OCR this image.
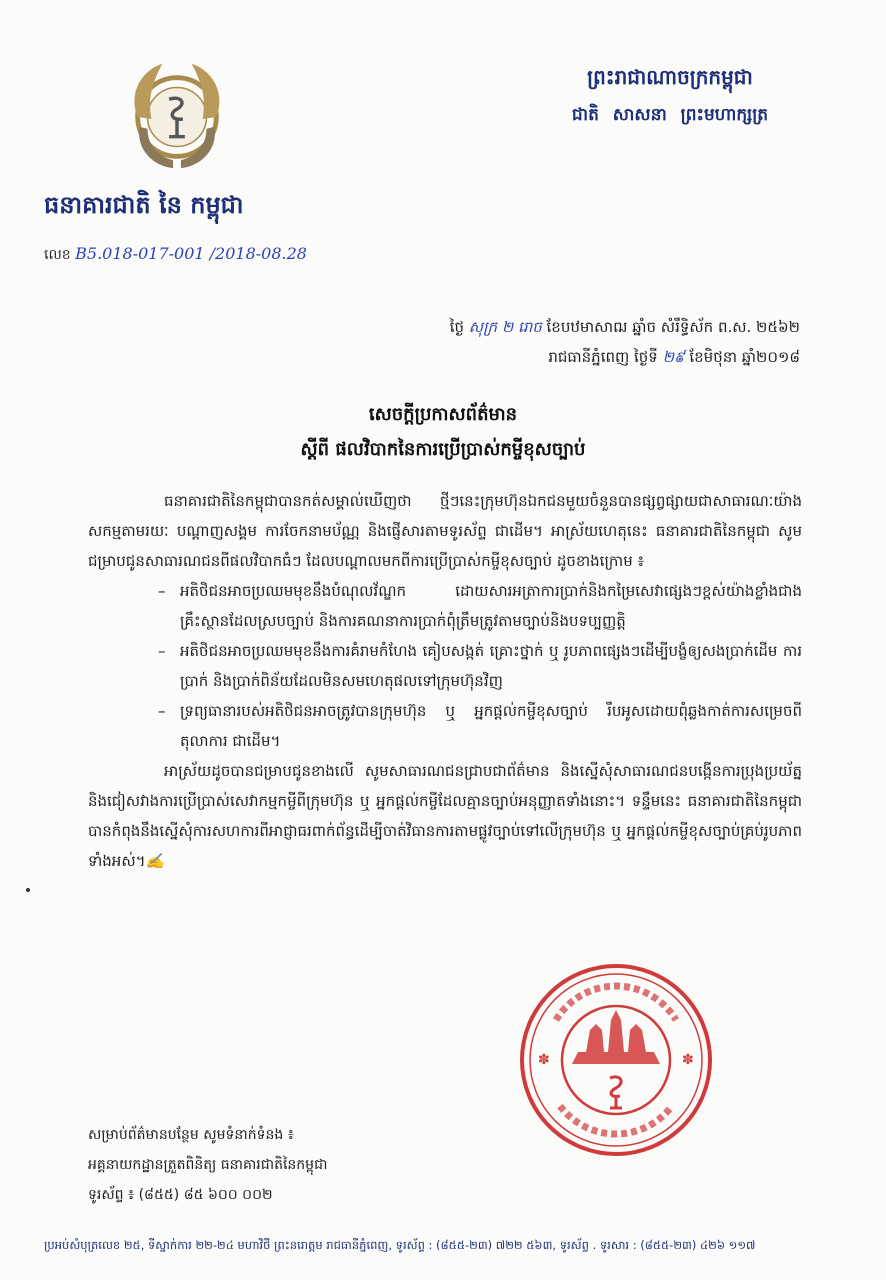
ធនាគារជាតិ នៃ កម្ពុជា
លេខ B5.018-017-001 /2018-08.28
ព្រះរាជាណាចក្រកម្ពុជា
ជាតិ សាសនា ព្រះមហាក្សត្រ
ថ្ងៃ សុក្រ ២ រោច ខែបឋមាសាឍ ឆ្នាំច សំរឹទ្ធិស័ក ព.ស. ២៥៦២
រាជធានីភ្នំពេញ ថ្ងៃទី ២៩ ខែមិថុនា ឆ្នាំ២០១៨
សេចក្តីប្រកាសព័ត៌មាន
ស្តីពី ផលវិបាកនៃការប្រើប្រាស់កម្ចីខុសច្បាប់

ធនាគារជាតិនៃកម្ពុជាបានកត់សម្គាល់ឃើញថា ថ្មីៗនេះក្រុមហ៊ុនឯកជនមួយចំនួនបានផ្សព្វផ្សាយជាសាធារណៈយ៉ាងសកម្មតាមរយៈ បណ្តាញសង្គម ការចែកនាមប័ណ្ណ និងផ្ញើសារតាមទូរស័ព្ទ ជាដើម។ អាស្រ័យហេតុនេះ ធនាគារជាតិនៃកម្ពុជា សូមជម្រាបជូនសាធារណជនពីផលវិបាកធំៗ ដែលបណ្តាលមកពីការប្រើប្រាស់កម្ចីខុសច្បាប់ ដូចខាងក្រោម ៖

– អតិថិជនអាចប្រឈមមុខនឹងបំណុលវ័ណ្ឌក ដោយសារអត្រាការប្រាក់និងកម្រៃសេវាផ្សេងៗខ្ពស់យ៉ាងខ្លាំងជាងគ្រឹះស្ថានដែលស្របច្បាប់ និងការគណនាការប្រាក់ពុំត្រឹមត្រូវតាមច្បាប់និងបទប្បញ្ញត្តិ
– អតិថិជនអាចប្រឈមមុខនឹងការគំរាមកំហែង គៀបសង្កត់ គ្រោះថ្នាក់ ឬ រូបភាពផ្សេងៗដើម្បីបង្ខំឲ្យសងប្រាក់ដើម ការប្រាក់ និងប្រាក់ពិន័យដែលមិនសមហេតុផលទៅក្រុមហ៊ុនវិញ
– ទ្រព្យធានារបស់អតិថិជនអាចត្រូវបានក្រុមហ៊ុន ឬ អ្នកផ្តល់កម្ចីខុសច្បាប់ រឹបអូសដោយពុំឆ្លងកាត់ការសម្រេចពីតុលាការ ជាដើម។

អាស្រ័យដូចបានជម្រាបជូនខាងលើ សូមសាធារណជនជ្រាបជាព័ត៌មាន និងស្នើសុំសាធារណជនបង្កើនការប្រុងប្រយ័ត្ន និងជៀសវាងការប្រើប្រាស់សេវាកម្មកម្ចីពីក្រុមហ៊ុន ឬ អ្នកផ្តល់កម្ចីដែលគ្មានច្បាប់អនុញ្ញាតទាំងនោះ។ ទន្ទឹមនេះ ធនាគារជាតិនៃកម្ពុជាបានកំពុងនឹងស្នើសុំការសហការពីអាជ្ញាធរពាក់ព័ន្ធដើម្បីចាត់វិធានការតាមផ្លូវច្បាប់ទៅលើក្រុមហ៊ុន ឬ អ្នកផ្តល់កម្ចីខុសច្បាប់គ្រប់រូបភាពទាំងអស់។✍

✽	✽
សម្រាប់ព័ត៌មានបន្ថែម សូមទំនាក់ទំនង ៖
អគ្គនាយកដ្ឋានត្រួតពិនិត្យ ធនាគារជាតិនៃកម្ពុជា
ទូរស័ព្ទ ៖ (៨៥៥) ៨៥ ៦០០ ០០២
ប្រអប់សំបុត្រលេខ ២៥, ទីស្នាក់ការ ២២-២៤ មហាវិថី ព្រះនរោត្តម រាជធានីភ្នំពេញ, ទូរស័ព្ទ : (៨៥៥-២៣) ៧២២ ៥៦៣, ទូរស័ព្ទ . ទូរសារ : (៨៥៥-២៣) ៤២៦ ១១៧
